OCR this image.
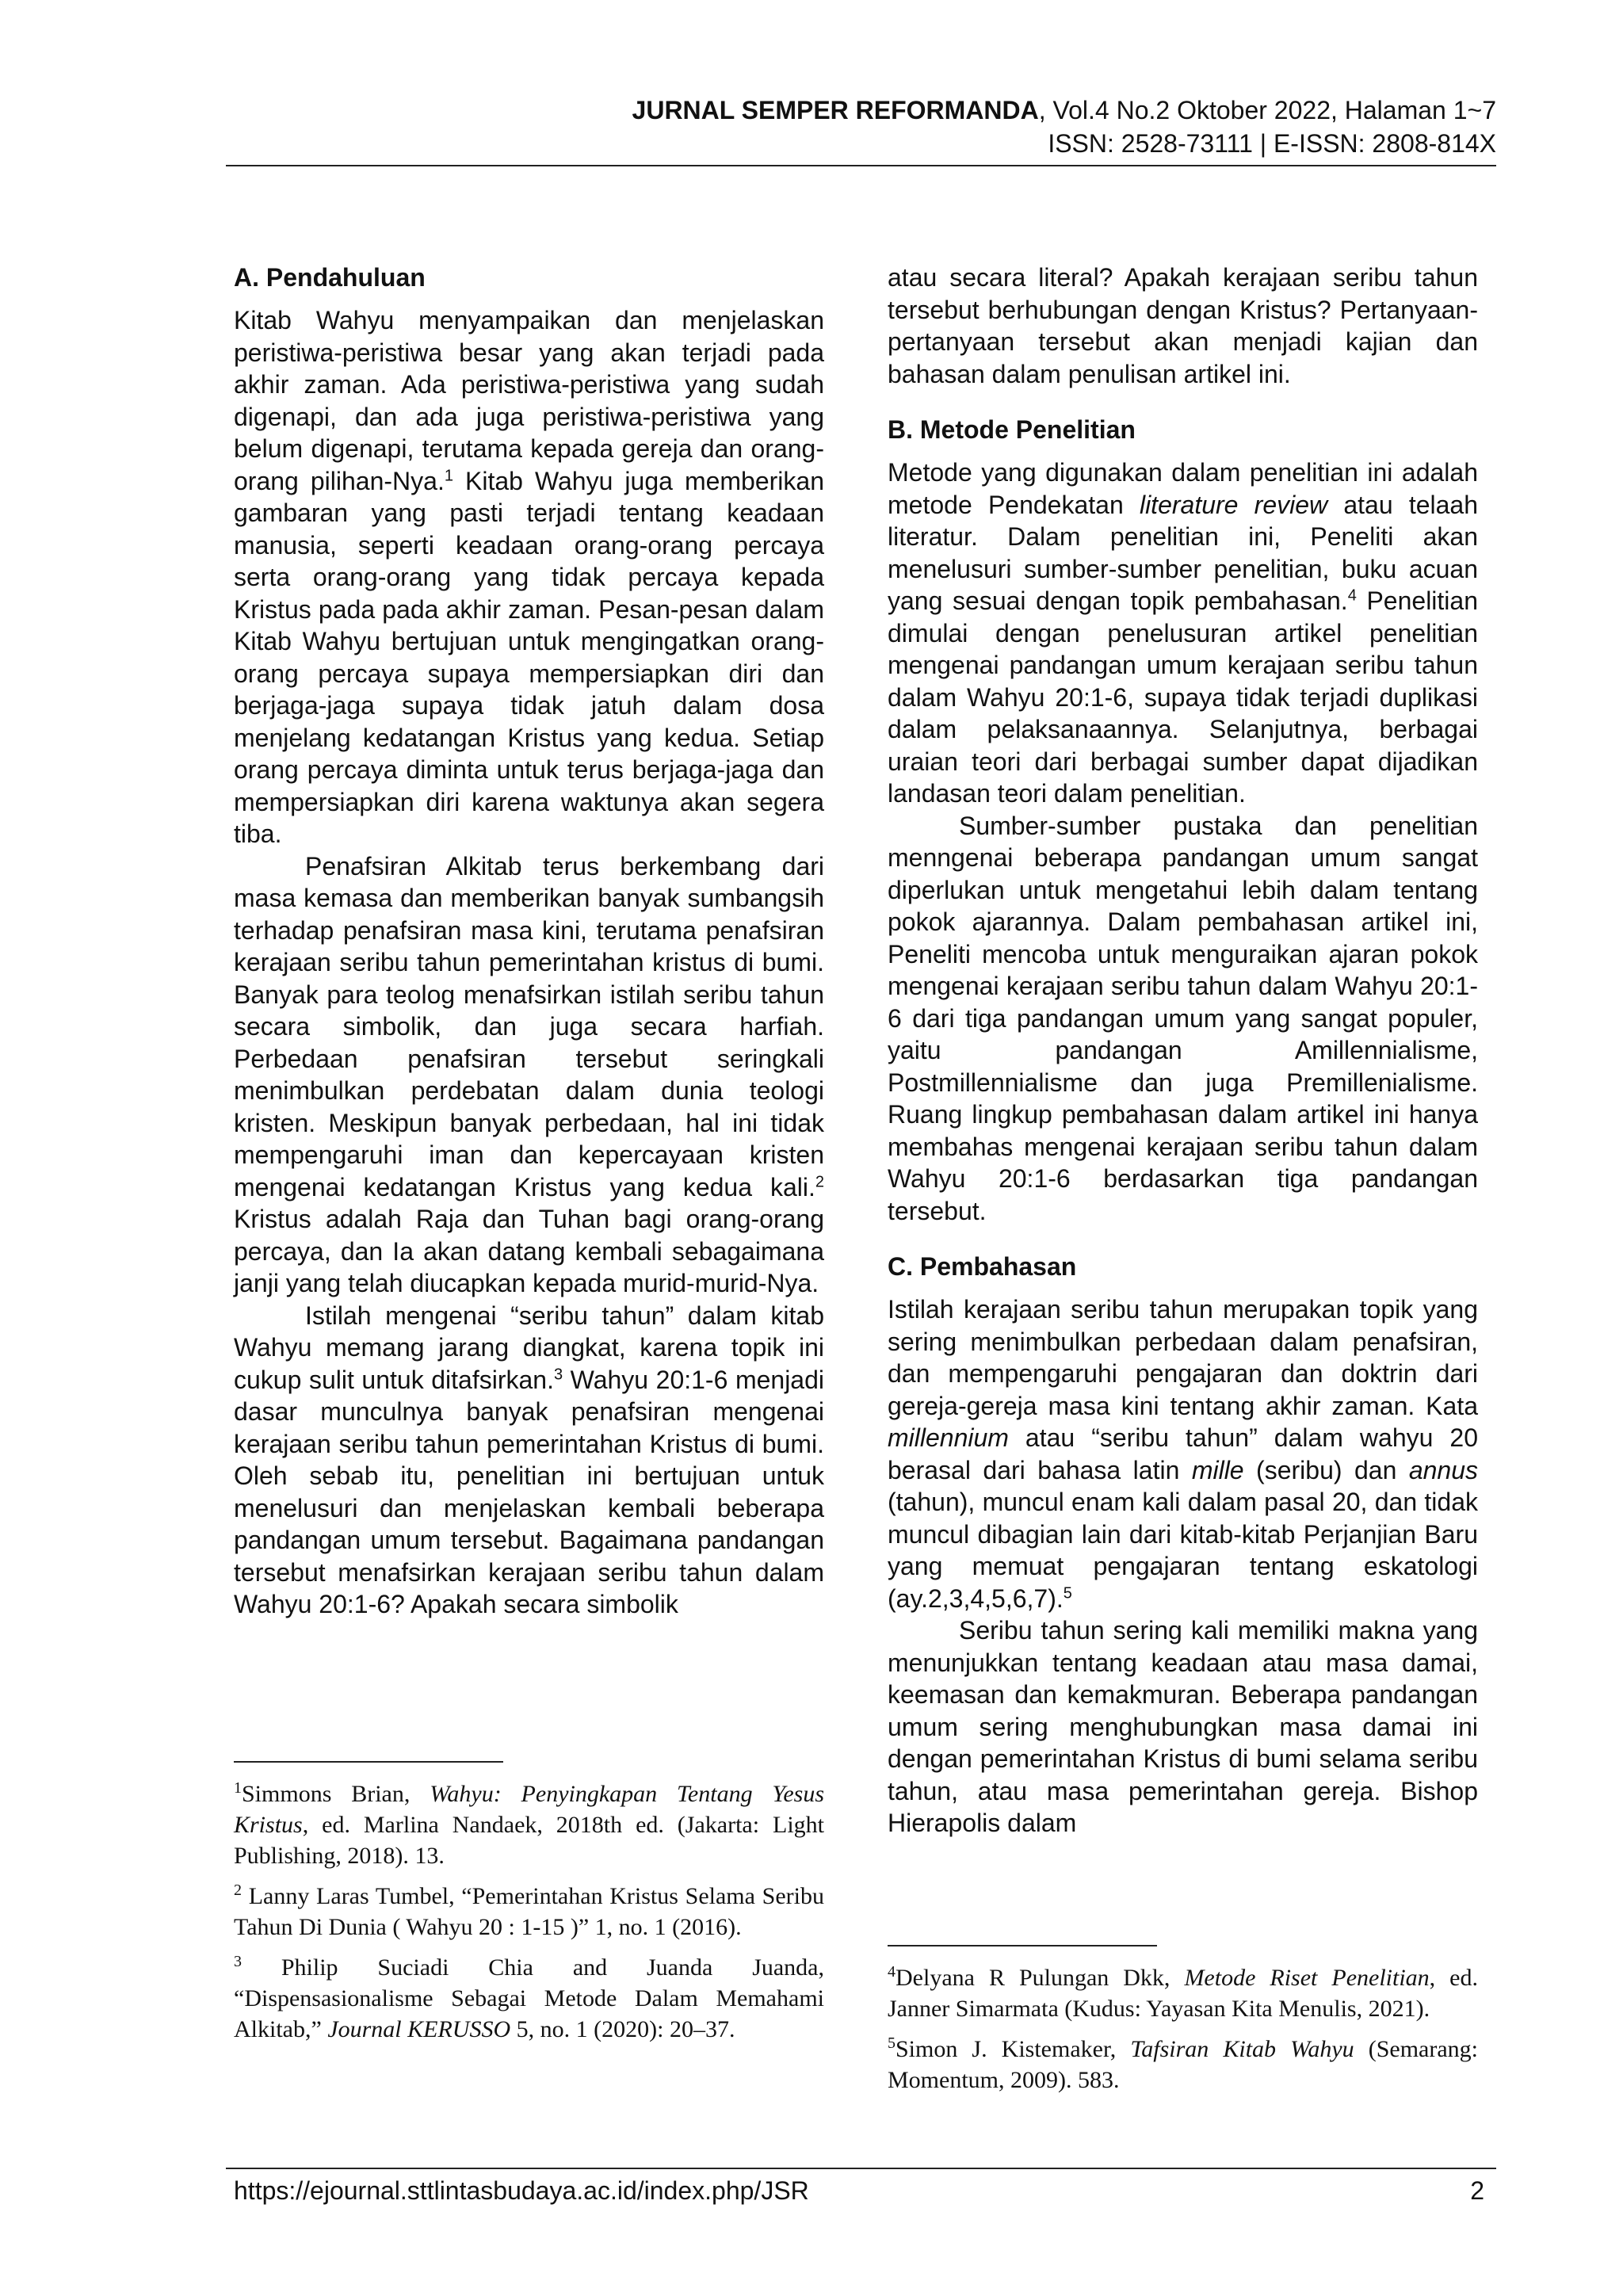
JURNAL SEMPER REFORMANDA, Vol.4 No.2 Oktober 2022, Halaman 1~7
ISSN: 2528-73111 | E-ISSN: 2808-814X
A. Pendahuluan

Kitab Wahyu menyampaikan dan menjelaskan peristiwa-peristiwa besar yang akan terjadi pada akhir zaman. Ada peristiwa-peristiwa yang sudah digenapi, dan ada juga peristiwa-peristiwa yang belum digenapi, terutama kepada gereja dan orang-orang pilihan-Nya.$^1$ Kitab Wahyu juga memberikan gambaran yang pasti terjadi tentang keadaan manusia, seperti keadaan orang-orang percaya serta orang-orang yang tidak percaya kepada Kristus pada pada akhir zaman. Pesan-pesan dalam Kitab Wahyu bertujuan untuk mengingatkan orang-orang percaya supaya mempersiapkan diri dan berjaga-jaga supaya tidak jatuh dalam dosa menjelang kedatangan Kristus yang kedua. Setiap orang percaya diminta untuk terus berjaga-jaga dan mempersiapkan diri karena waktunya akan segera tiba.

Penafsiran Alkitab terus berkembang dari masa kemasa dan memberikan banyak sumbangsih terhadap penafsiran masa kini, terutama penafsiran kerajaan seribu tahun pemerintahan kristus di bumi. Banyak para teolog menafsirkan istilah seribu tahun secara simbolik, dan juga secara harfiah. Perbedaan penafsiran tersebut seringkali menimbulkan perdebatan dalam dunia teologi kristen. Meskipun banyak perbedaan, hal ini tidak mempengaruhi iman dan kepercayaan kristen mengenai kedatangan Kristus yang kedua kali.$^2$ Kristus adalah Raja dan Tuhan bagi orang-orang percaya, dan Ia akan datang kembali sebagaimana janji yang telah diucapkan kepada murid-murid-Nya.

Istilah mengenai “seribu tahun” dalam kitab Wahyu memang jarang diangkat, karena topik ini cukup sulit untuk ditafsirkan.$^3$ Wahyu 20:1-6 menjadi dasar munculnya banyak penafsiran mengenai kerajaan seribu tahun pemerintahan Kristus di bumi. Oleh sebab itu, penelitian ini bertujuan untuk menelusuri dan menjelaskan kembali beberapa pandangan umum tersebut. Bagaimana pandangan tersebut menafsirkan kerajaan seribu tahun dalam Wahyu 20:1-6? Apakah secara simbolik

$^1$Simmons Brian, Wahyu: Penyingkapan Tentang Yesus Kristus, ed. Marlina Nandaek, 2018th ed. (Jakarta: Light Publishing, 2018). 13.

$^2$ Lanny Laras Tumbel, “Pemerintahan Kristus Selama Seribu Tahun Di Dunia ( Wahyu 20 : 1-15 )” 1, no. 1 (2016).

$^3$ Philip Suciadi Chia and Juanda Juanda, “Dispensasionalisme Sebagai Metode Dalam Memahami Alkitab,” Journal KERUSSO 5, no. 1 (2020): 20–37.

atau secara literal? Apakah kerajaan seribu tahun tersebut berhubungan dengan Kristus? Pertanyaan-pertanyaan tersebut akan menjadi kajian dan bahasan dalam penulisan artikel ini.

B. Metode Penelitian

Metode yang digunakan dalam penelitian ini adalah metode Pendekatan literature review atau telaah literatur. Dalam penelitian ini, Peneliti akan menelusuri sumber-sumber penelitian, buku acuan yang sesuai dengan topik pembahasan.$^4$ Penelitian dimulai dengan penelusuran artikel penelitian mengenai pandangan umum kerajaan seribu tahun dalam Wahyu 20:1-6, supaya tidak terjadi duplikasi dalam pelaksanaannya. Selanjutnya, berbagai uraian teori dari berbagai sumber dapat dijadikan landasan teori dalam penelitian.

Sumber-sumber pustaka dan penelitian menngenai beberapa pandangan umum sangat diperlukan untuk mengetahui lebih dalam tentang pokok ajarannya. Dalam pembahasan artikel ini, Peneliti mencoba untuk menguraikan ajaran pokok mengenai kerajaan seribu tahun dalam Wahyu 20:1-6 dari tiga pandangan umum yang sangat populer, yaitu pandangan Amillennialisme, Postmillennialisme dan juga Premillenialisme. Ruang lingkup pembahasan dalam artikel ini hanya membahas mengenai kerajaan seribu tahun dalam Wahyu 20:1-6 berdasarkan tiga pandangan tersebut.

C. Pembahasan

Istilah kerajaan seribu tahun merupakan topik yang sering menimbulkan perbedaan dalam penafsiran, dan mempengaruhi pengajaran dan doktrin dari gereja-gereja masa kini tentang akhir zaman. Kata millennium atau “seribu tahun” dalam wahyu 20 berasal dari bahasa latin mille (seribu) dan annus (tahun), muncul enam kali dalam pasal 20, dan tidak muncul dibagian lain dari kitab-kitab Perjanjian Baru yang memuat pengajaran tentang eskatologi (ay.2,3,4,5,6,7).$^5$

Seribu tahun sering kali memiliki makna yang menunjukkan tentang keadaan atau masa damai, keemasan dan kemakmuran. Beberapa pandangan umum sering menghubungkan masa damai ini dengan pemerintahan Kristus di bumi selama seribu tahun, atau masa pemerintahan gereja. Bishop Hierapolis dalam

$^4$Delyana R Pulungan Dkk, Metode Riset Penelitian, ed. Janner Simarmata (Kudus: Yayasan Kita Menulis, 2021).

$^5$Simon J. Kistemaker, Tafsiran Kitab Wahyu (Semarang: Momentum, 2009). 583.

https://ejournal.sttlintasbudaya.ac.id/index.php/JSR	2
